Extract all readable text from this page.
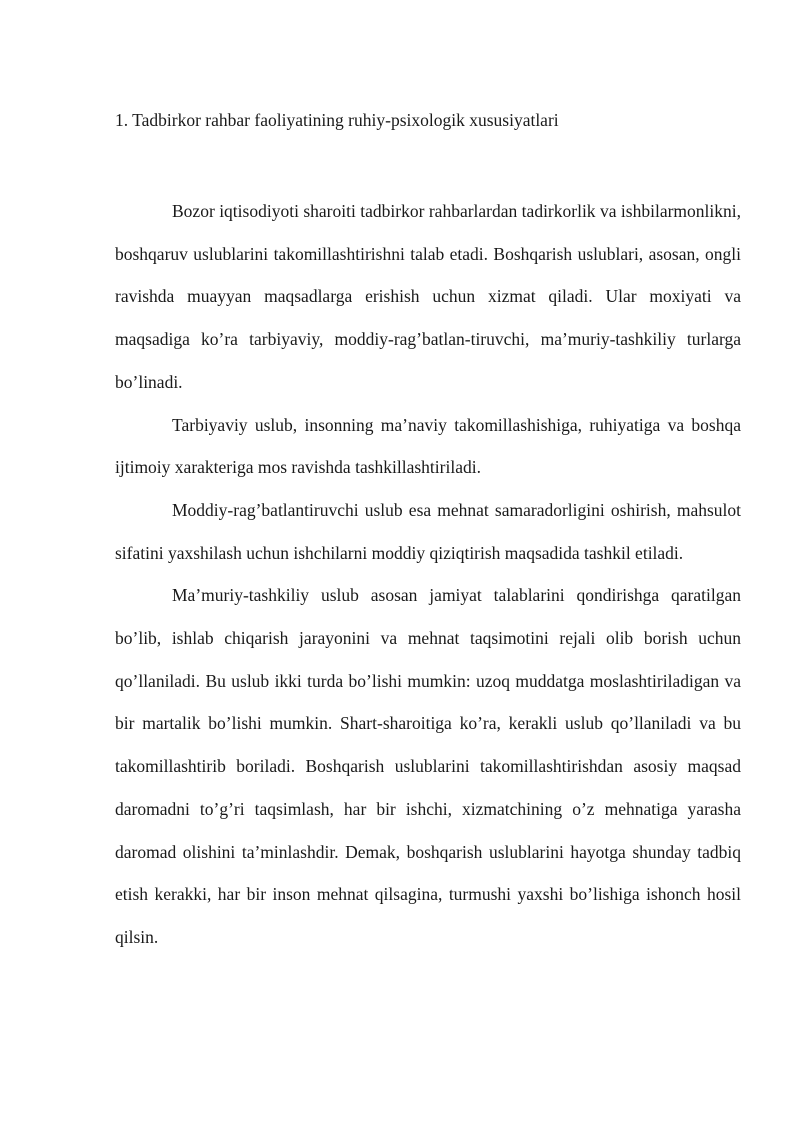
1. Tadbirkor rahbar faoliyatining ruhiy-psixologik xususiyatlari

Bozor iqtisodiyoti sharoiti tadbirkor rahbarlardan tadirkorlik va ishbilarmonlikni, boshqaruv uslublarini takomillashtirishni talab etadi. Boshqarish uslublari, asosan, ongli ravishda muayyan maqsadlarga erishish uchun xizmat qiladi. Ular moxiyati va maqsadiga ko’ra tarbiyaviy, moddiy-rag’batlan-tiruvchi, ma’muriy-tashkiliy turlarga bo’linadi.

Tarbiyaviy uslub, insonning ma’naviy takomillashishiga, ruhiyatiga va boshqa ijtimoiy xarakteriga mos ravishda tashkillashtiriladi.

Moddiy-rag’batlantiruvchi uslub esa mehnat samaradorligini oshirish, mahsulot sifatini yaxshilash uchun ishchilarni moddiy qiziqtirish maqsadida tashkil etiladi.

Ma’muriy-tashkiliy uslub asosan jamiyat talablarini qondirishga qaratilgan bo’lib, ishlab chiqarish jarayonini va mehnat taqsimotini rejali olib borish uchun qo’llaniladi. Bu uslub ikki turda bo’lishi mumkin: uzoq muddatga moslashtiriladigan va bir martalik bo’lishi mumkin. Shart-sharoitiga ko’ra, kerakli uslub qo’llaniladi va bu takomillashtirib boriladi. Boshqarish uslublarini takomillashtirishdan asosiy maqsad daromadni to’g’ri taqsimlash, har bir ishchi, xizmatchining o’z mehnatiga yarasha daromad olishini ta’minlashdir. Demak, boshqarish uslublarini hayotga shunday tadbiq etish kerakki, har bir inson mehnat qilsagina, turmushi yaxshi bo’lishiga ishonch hosil qilsin.
